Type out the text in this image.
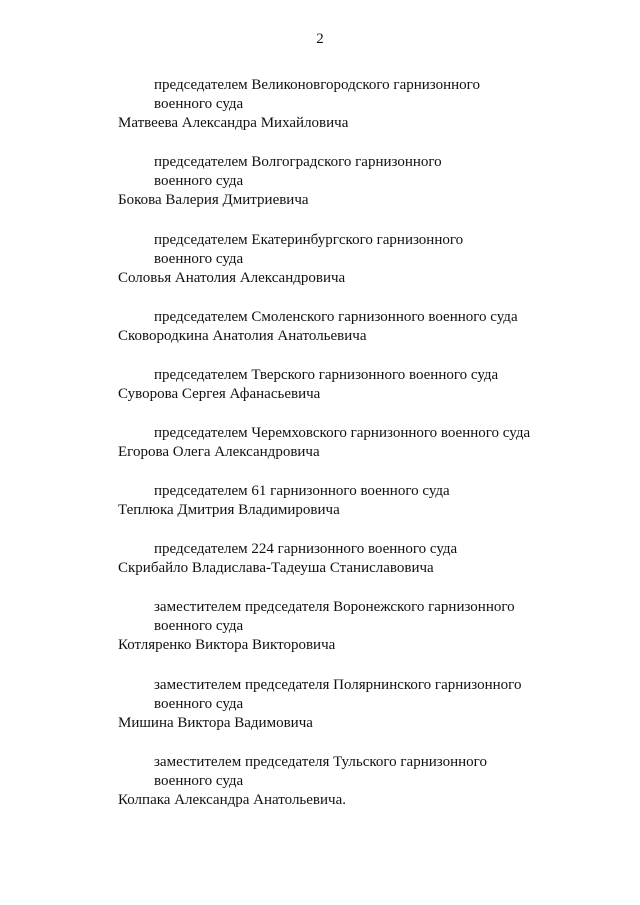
2
председателем Великоновгородского гарнизонного
военного суда
Матвеева Александра Михайловича
председателем Волгоградского гарнизонного
военного суда
Бокова Валерия Дмитриевича
председателем Екатеринбургского гарнизонного
военного суда
Соловья Анатолия Александровича
председателем Смоленского гарнизонного военного суда
Сковородкина Анатолия Анатольевича
председателем Тверского гарнизонного военного суда
Суворова Сергея Афанасьевича
председателем Черемховского гарнизонного военного суда
Егорова Олега Александровича
председателем 61 гарнизонного военного суда
Теплюка Дмитрия Владимировича
председателем 224 гарнизонного военного суда
Скрибайло Владислава-Тадеуша Станиславовича
заместителем председателя Воронежского гарнизонного
военного суда
Котляренко Виктора Викторовича
заместителем председателя Полярнинского гарнизонного
военного суда
Мишина Виктора Вадимовича
заместителем председателя Тульского гарнизонного
военного суда
Колпака Александра Анатольевича.
